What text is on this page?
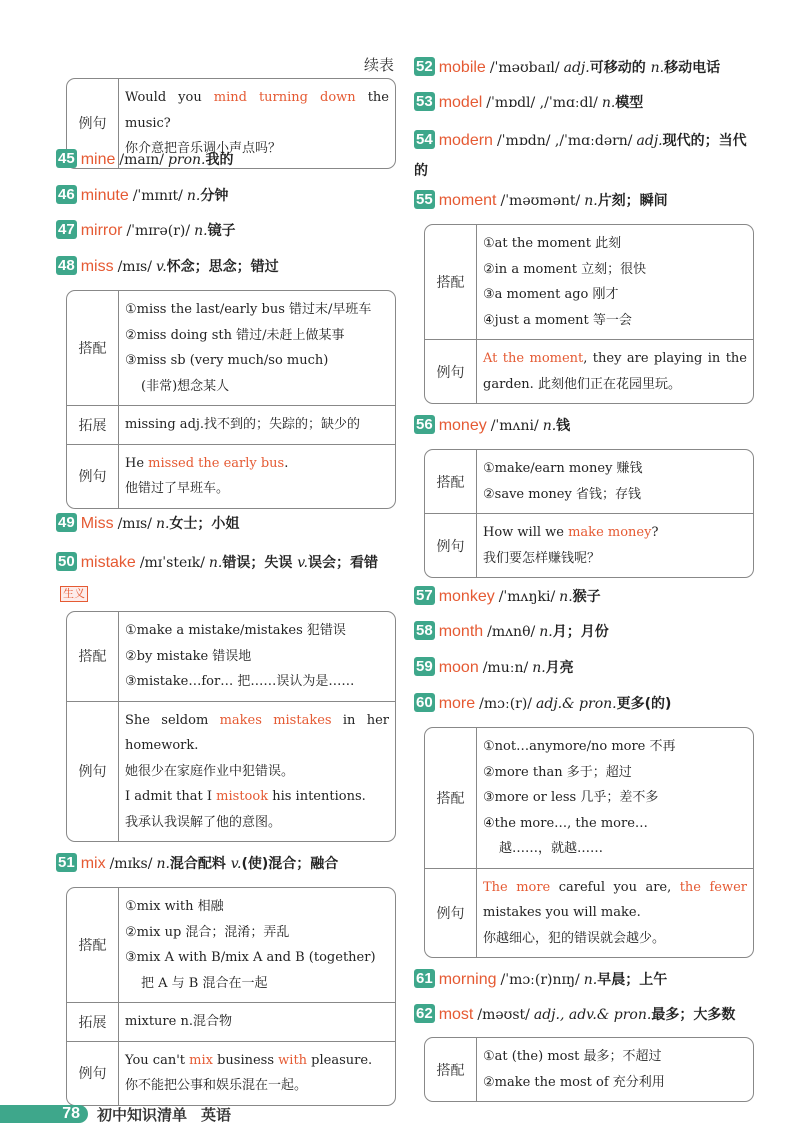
续表
例句
Would you mind turning down the music?
你介意把音乐调小声点吗？
45 mine /maɪn/ pron.我的
46 minute /ˈmɪnɪt/ n.分钟
47 mirror /ˈmɪrə(r)/ n.镜子
48 miss /mɪs/ v.怀念；思念；错过
搭配
①miss the last/early bus 错过末/早班车
②miss doing sth 错过/未赶上做某事
③miss sb (very much/so much)
(非常)想念某人
拓展	missing adj.找不到的；失踪的；缺少的
例句
He missed the early bus.
他错过了早班车。
49 Miss /mɪs/ n.女士；小姐
50 mistake /mɪˈsteɪk/ n.错误；失误 v.误会；看错生义
搭配
①make a mistake/mistakes 犯错误
②by mistake 错误地
③mistake…for… 把……误认为是……
例句
She seldom makes mistakes in her
homework.
她很少在家庭作业中犯错误。
I admit that I mistook his intentions.
我承认我误解了他的意图。
51 mix /mɪks/ n.混合配料 v.(使)混合；融合
搭配
①mix with 相融
②mix up 混合；混淆；弄乱
③mix A with B/mix A and B (together)
把 A 与 B 混合在一起
拓展	mixture n.混合物
例句
You can't mix business with pleasure.
你不能把公事和娱乐混在一起。
52 mobile /ˈməʊbaɪl/ adj.可移动的 n.移动电话
53 model /ˈmɒdl/ ,/ˈmɑːdl/ n.模型
54 modern /ˈmɒdn/ ,/ˈmɑːdərn/ adj.现代的；当代的
55 moment /ˈməʊmənt/ n.片刻；瞬间
搭配
①at the moment 此刻
②in a moment 立刻；很快
③a moment ago 刚才
④just a moment 等一会
例句
At the moment, they are playing in the
garden. 此刻他们正在花园里玩。
56 money /ˈmʌni/ n.钱
搭配
①make/earn money 赚钱
②save money 省钱；存钱
例句
How will we make money?
我们要怎样赚钱呢？
57 monkey /ˈmʌŋki/ n.猴子
58 month /mʌnθ/ n.月；月份
59 moon /muːn/ n.月亮
60 more /mɔː(r)/ adj.& pron.更多(的)
搭配
①not…anymore/no more 不再
②more than 多于；超过
③more or less 几乎；差不多
④the more…, the more…
越……，就越……
例句
The more careful you are, the fewer
mistakes you will make.
你越细心，犯的错误就会越少。
61 morning /ˈmɔː(r)nɪŋ/ n.早晨；上午
62 most /məʊst/ adj., adv.& pron.最多；大多数
搭配
①at (the) most 最多；不超过
②make the most of 充分利用
78	初中知识清单 英语
